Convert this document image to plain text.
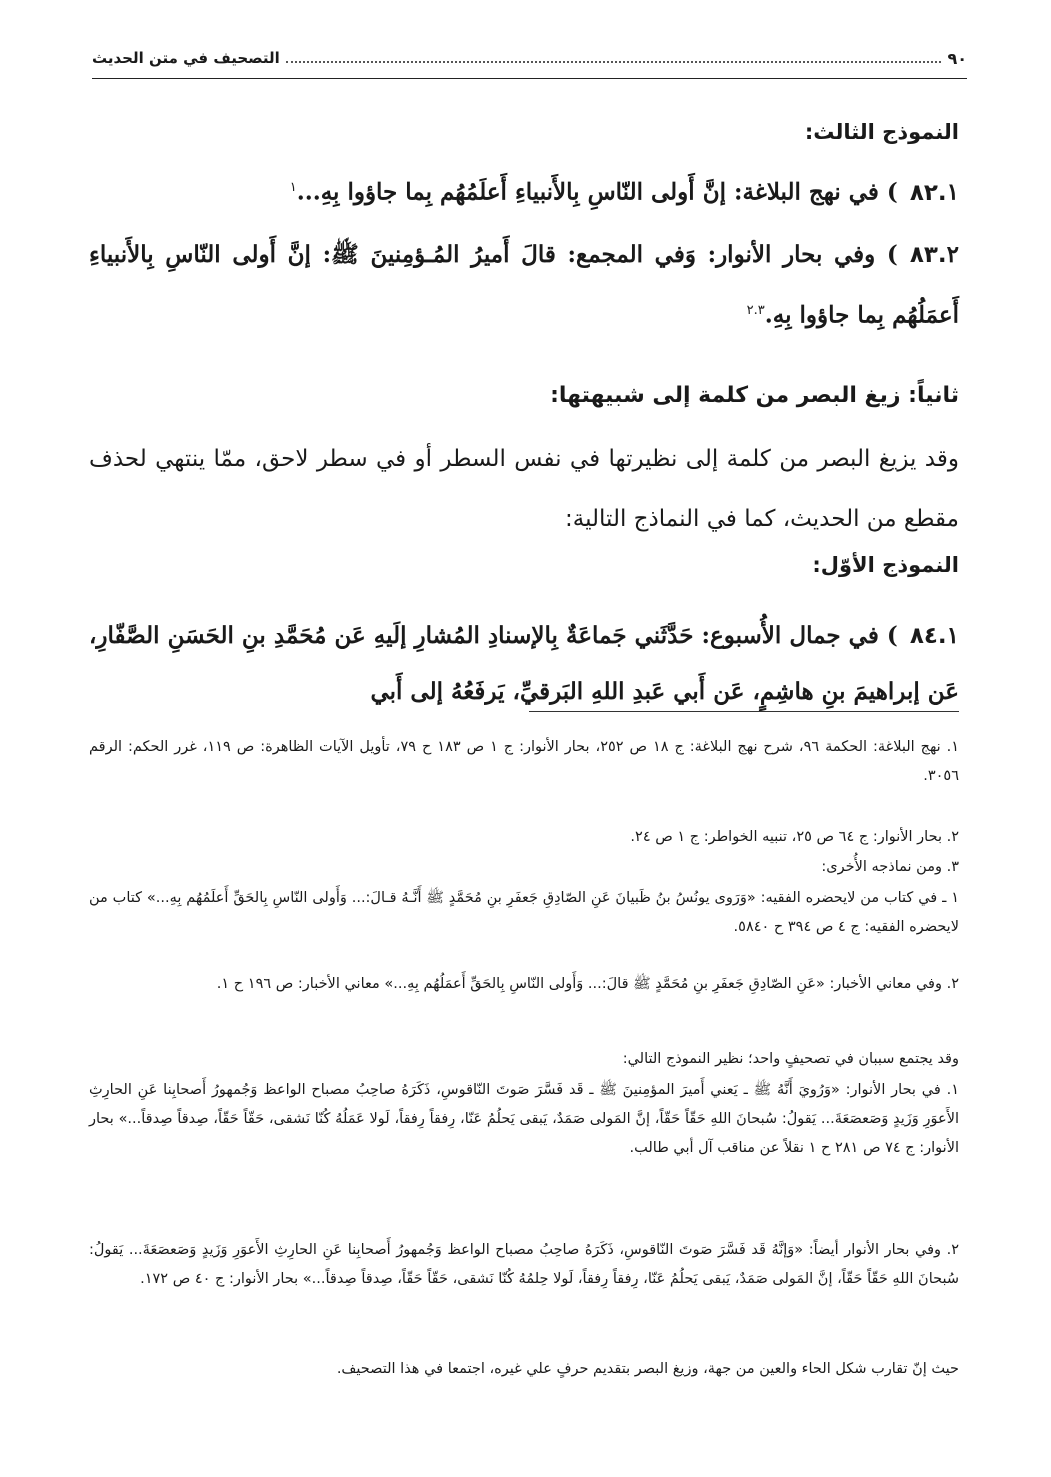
٩٠
التصحيف في متن الحديث
النموذج الثالث:
٨٢.١) في نهج البلاغة: إنَّ أَولى النّاسِ بِالأَنبياءِ أَعلَمُهُم بِما جاؤوا بِهِ...$^١$
٨٣.٢) وفي بحار الأنوار: وَفي المجمع: قالَ أَميرُ المُـؤمِنينَ ﷺ: إنَّ أَولى النّاسِ بِالأَنبياءِ أَعمَلُهُم بِما جاؤوا بِهِ.$^{٢.٣}$
ثانياً: زيغ البصر من كلمة إلى شبيهتها:
وقد يزيغ البصر من كلمة إلى نظيرتها في نفس السطر أو في سطر لاحق، ممّا ينتهي لحذف مقطع من الحديث، كما في النماذج التالية:
النموذج الأوّل:
٨٤.١) في جمال الأُسبوع: حَدَّثَني جَماعَةٌ بِالإسنادِ المُشارِ إلَيهِ عَن مُحَمَّدِ بنِ الحَسَنِ الصَّفّارِ، عَن إبراهيمَ بنِ هاشِمٍ، عَن أَبي عَبدِ اللهِ البَرقيِّ، يَرفَعُهُ إلى أَبي
١. نهج البلاغة: الحكمة ٩٦، شرح نهج البلاغة: ج ١٨ ص ٢٥٢، بحار الأنوار: ج ١ ص ١٨٣ ح ٧٩، تأويل الآيات الظاهرة: ص ١١٩، غرر الحكم: الرقم ٣٠٥٦.
٢. بحار الأنوار: ج ٦٤ ص ٢٥، تنبيه الخواطر: ج ١ ص ٢٤.
٣. ومن نماذجه الأُخرى:
١ ـ في كتاب من لايحضره الفقيه: «وَرَوى يونُسُ بنُ ظَبيانَ عَنِ الصّادِقِ جَعفَرِ بنِ مُحَمَّدٍ ﷺ أَنَّـهُ قـالَ:... وَأَولى النّاسِ بِالحَقِّ أَعلَمُهُم بِهِ...» كتاب من لايحضره الفقيه: ج ٤ ص ٣٩٤ ح ٥٨٤٠.
٢. وفي معاني الأخبار: «عَنِ الصّادِقِ جَعفَرِ بنِ مُحَمَّدٍ ﷺ قالَ:... وَأَولى النّاسِ بِالحَقِّ أَعمَلُهُم بِهِ...» معاني الأخبار: ص ١٩٦ ح ١.
وقد يجتمع سببان في تصحيفٍ واحد؛ نظير النموذج التالي:
١. في بحار الأنوار: «وَرُويَ أَنَّهُ ﷺ ـ يَعني أَميرَ المؤمِنينَ ﷺ ـ قَد فَسَّرَ صَوتَ النّاقوسِ، ذَكَرَهُ صاحِبُ مصباح الواعظ وَجُمهورُ أَصحابِنا عَنِ الحارِثِ الأَعوَرِ وَزَيدٍ وَصَعصَعَةَ... يَقولُ: سُبحانَ اللهِ حَقّاً حَقّاً، إنَّ المَولى صَمَدٌ، يَبقى يَحلُمُ عَنّا، رِفقاً رِفقاً، لَولا عَمَلُهُ كُنّا نَشقى، حَقّاً حَقّاً، صِدقاً صِدقاً...» بحار الأنوار: ج ٧٤ ص ٢٨١ ح ١ نقلاً عن مناقب آل أبي طالب.
٢. وفي بحار الأنوار أيضاً: «وَإنَّهُ قَد فَسَّرَ صَوتَ النّاقوسِ، ذَكَرَهُ صاحِبُ مصباح الواعظ وَجُمهورُ أَصحابِنا عَنِ الحارِثِ الأَعوَرِ وَزَيدٍ وَصَعصَعَةَ... يَقولُ: سُبحانَ اللهِ حَقّاً حَقّاً، إنَّ المَولى صَمَدٌ، يَبقى يَحلُمُ عَنّا، رِفقاً رِفقاً، لَولا حِلمُهُ كُنّا نَشقى، حَقّاً حَقّاً، صِدقاً صِدقاً...» بحار الأنوار: ج ٤٠ ص ١٧٢.
حيث إنّ تقارب شكل الحاء والعين من جهة، وزيغ البصر بتقديم حرفٍ علي غيره، اجتمعا في هذا التصحيف.
